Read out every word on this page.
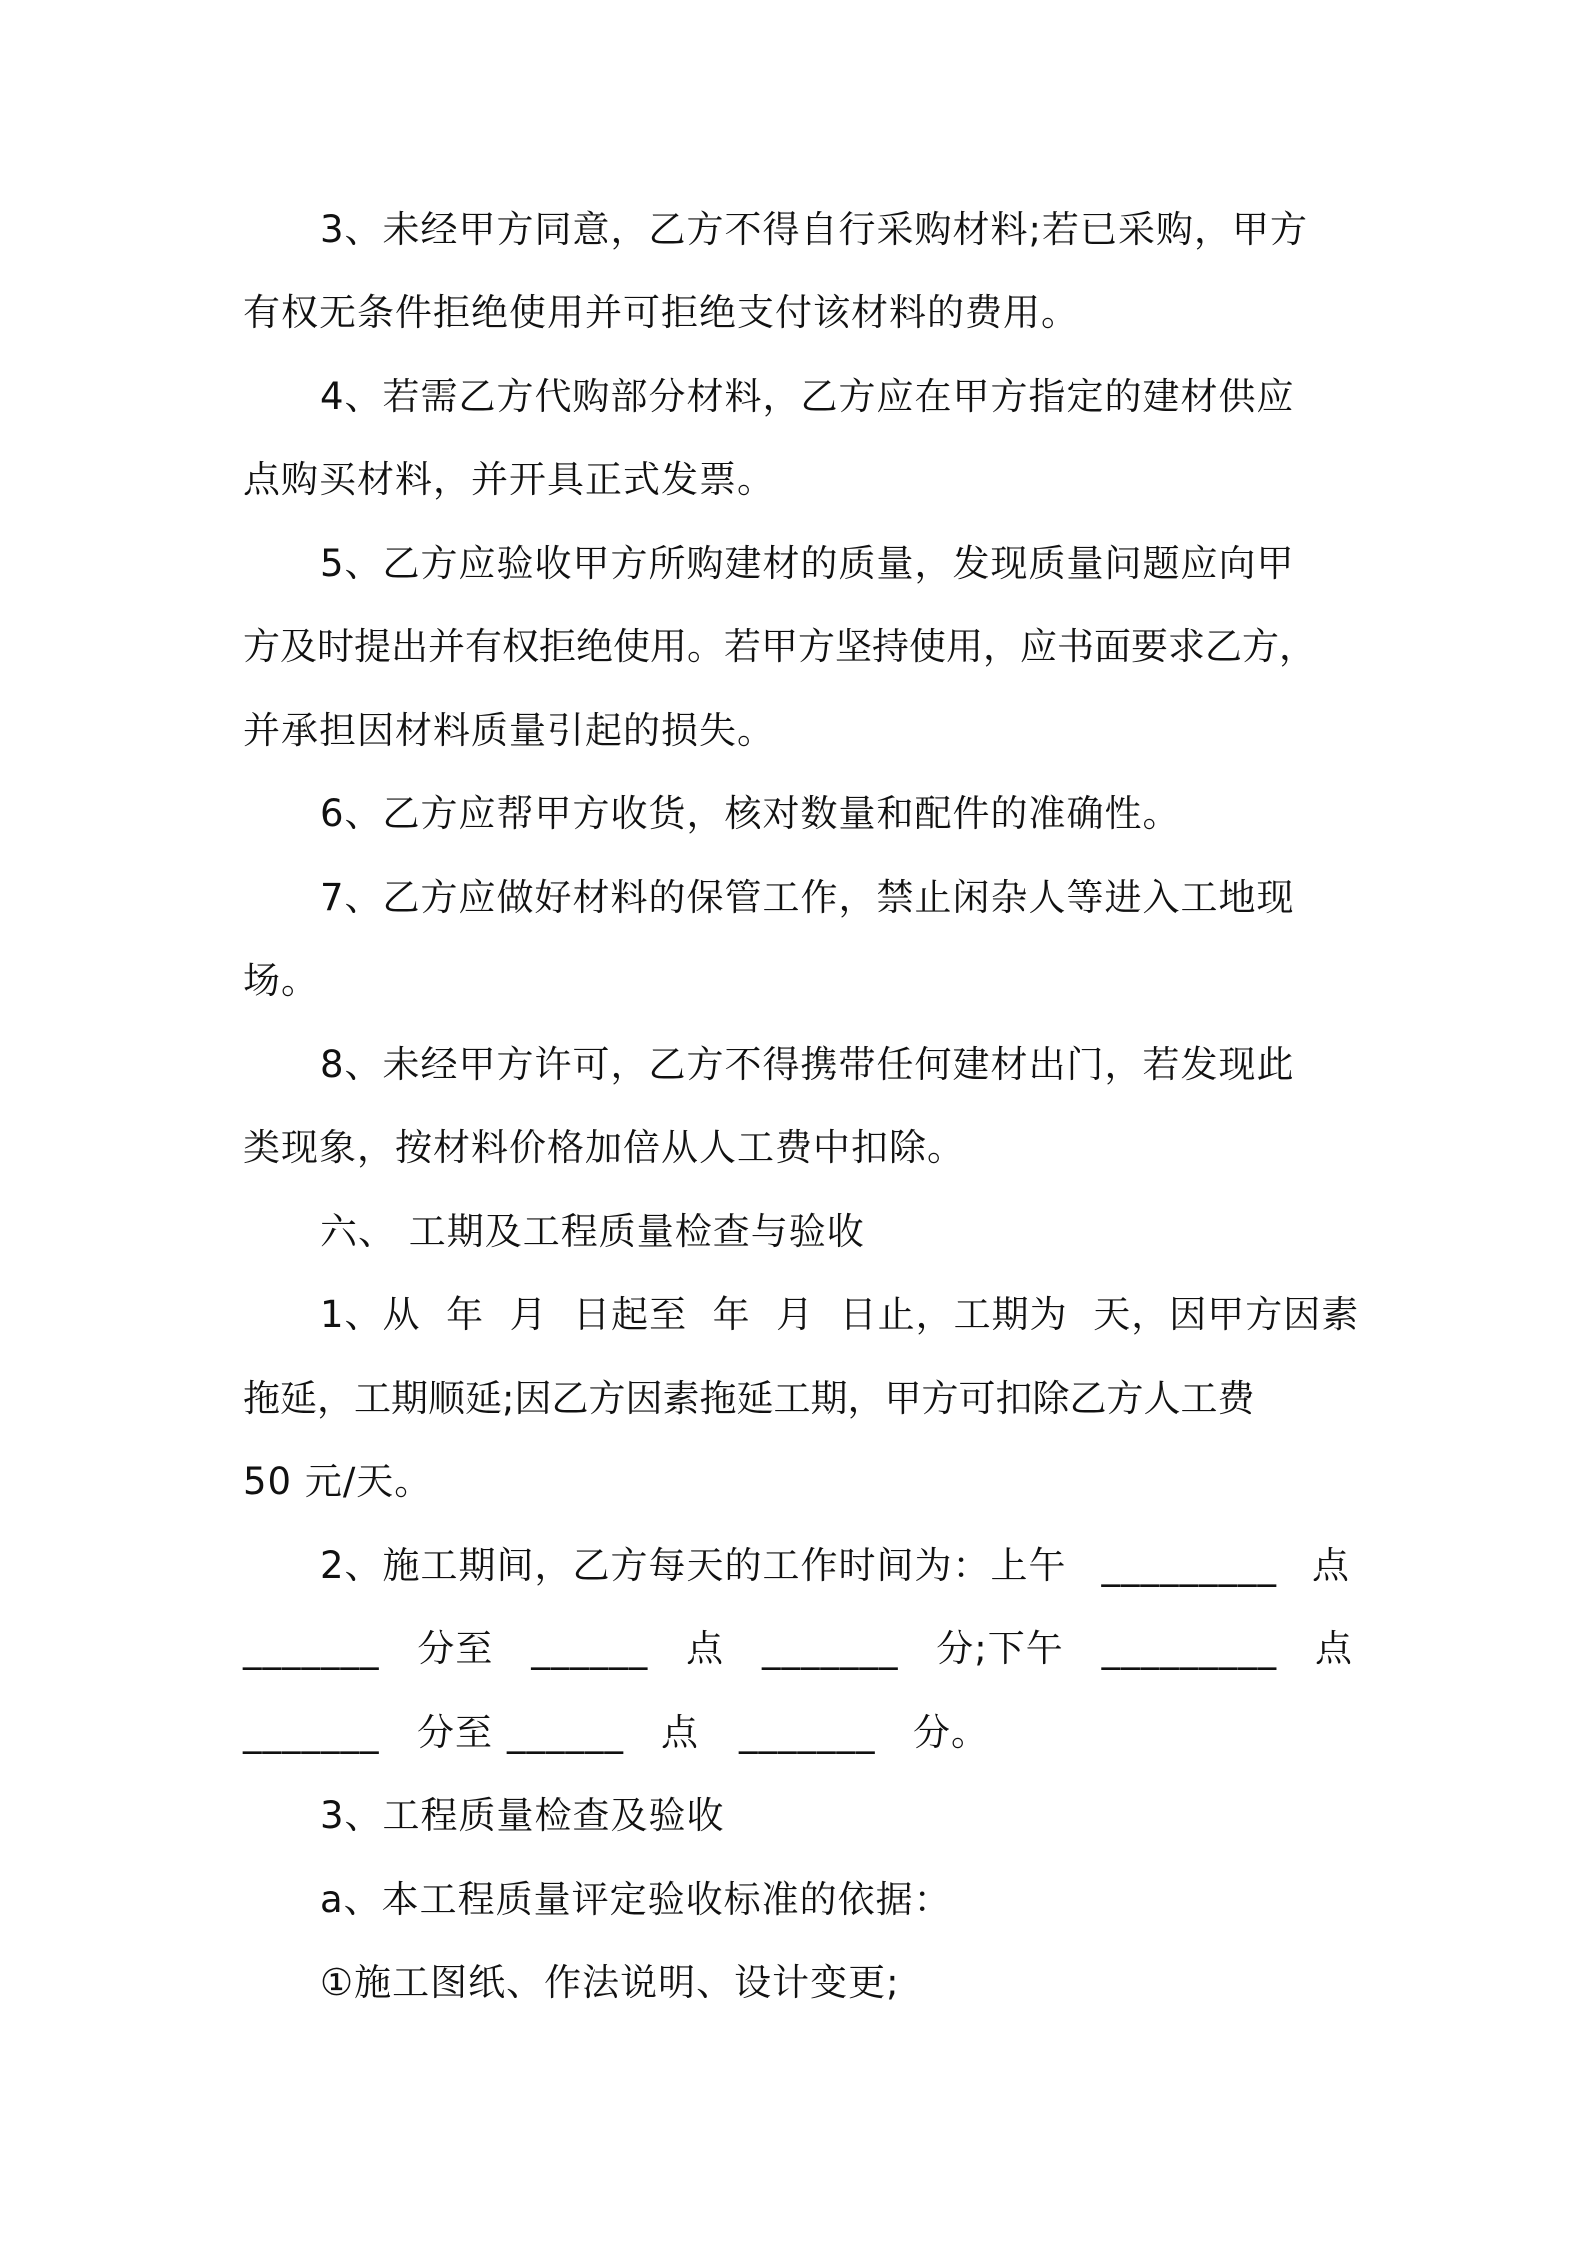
3、未经甲方同意，乙方不得自行采购材料;若已采购，甲方
有权无条件拒绝使用并可拒绝支付该材料的费用。
4、若需乙方代购部分材料，乙方应在甲方指定的建材供应
点购买材料，并开具正式发票。
5、乙方应验收甲方所购建材的质量，发现质量问题应向甲
方及时提出并有权拒绝使用。若甲方坚持使用，应书面要求乙方，
并承担因材料质量引起的损失。
6、乙方应帮甲方收货，核对数量和配件的准确性。
7、乙方应做好材料的保管工作，禁止闲杂人等进入工地现
场。
8、未经甲方许可，乙方不得携带任何建材出门，若发现此
类现象，按材料价格加倍从人工费中扣除。
六、 工期及工程质量检查与验收
1、从  年  月  日起至  年  月  日止，工期为  天，因甲方因素
拖延，工期顺延;因乙方因素拖延工期，甲方可扣除乙方人工费
50 元/天。
2、施工期间，乙方每天的工作时间为：上午 _________ 点
_______ 分至 ______ 点 _______ 分;下午 _________ 点
_______	分至 ______	点 _______	分。
3、工程质量检查及验收
a、本工程质量评定验收标准的依据：
①施工图纸、作法说明、设计变更;
